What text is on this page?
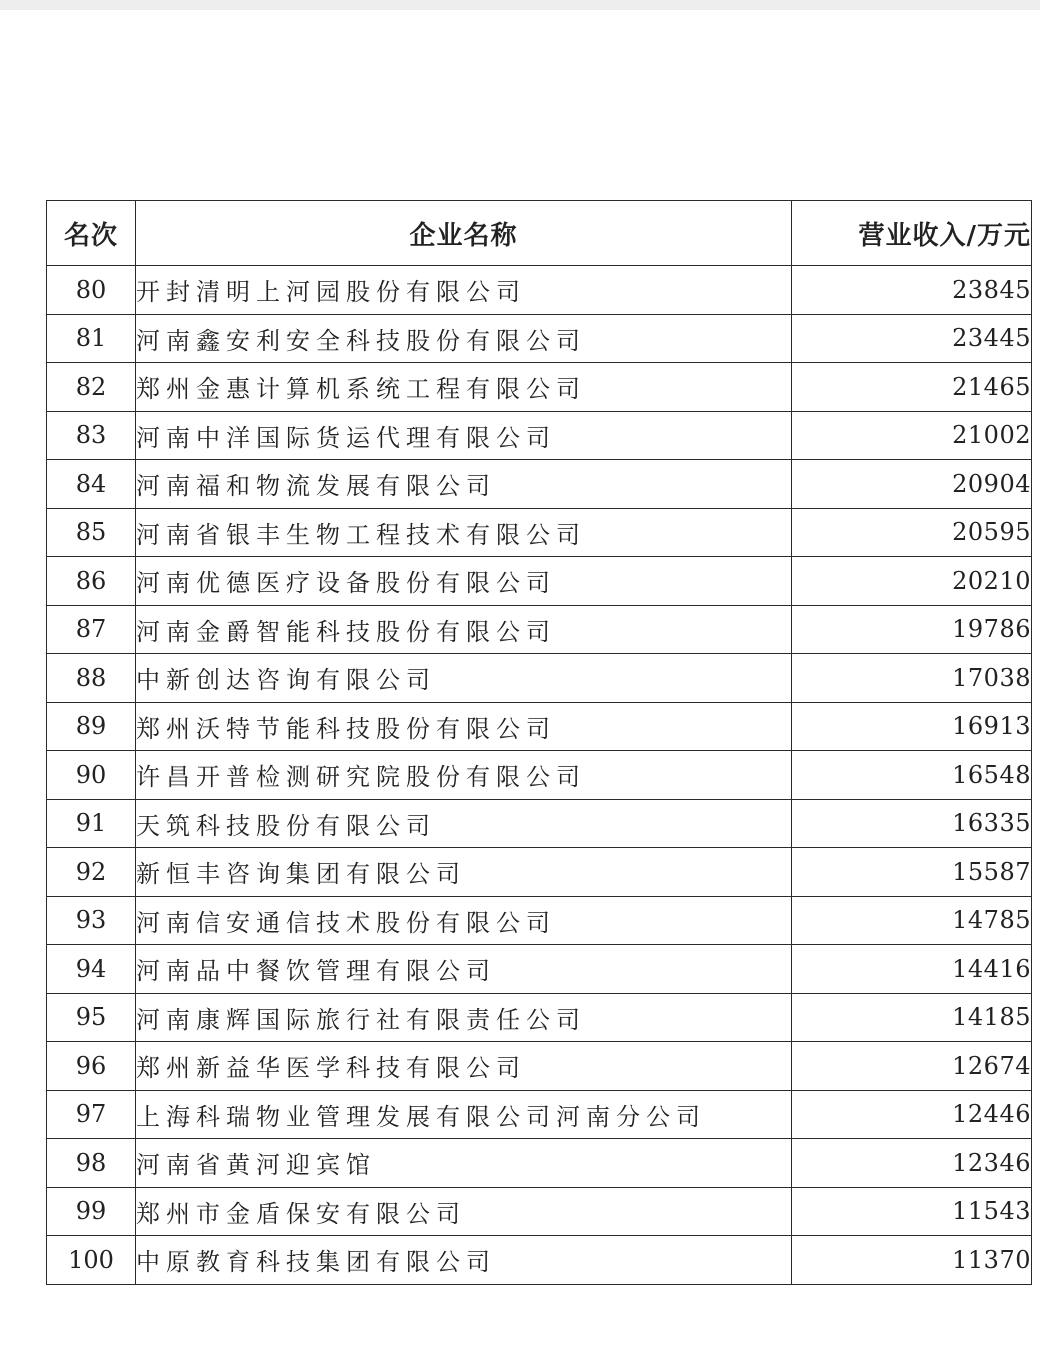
名次	企业名称	营业收入/万元
80	开封清明上河园股份有限公司	23845
81	河南鑫安利安全科技股份有限公司	23445
82	郑州金惠计算机系统工程有限公司	21465
83	河南中洋国际货运代理有限公司	21002
84	河南福和物流发展有限公司	20904
85	河南省银丰生物工程技术有限公司	20595
86	河南优德医疗设备股份有限公司	20210
87	河南金爵智能科技股份有限公司	19786
88	中新创达咨询有限公司	17038
89	郑州沃特节能科技股份有限公司	16913
90	许昌开普检测研究院股份有限公司	16548
91	天筑科技股份有限公司	16335
92	新恒丰咨询集团有限公司	15587
93	河南信安通信技术股份有限公司	14785
94	河南品中餐饮管理有限公司	14416
95	河南康辉国际旅行社有限责任公司	14185
96	郑州新益华医学科技有限公司	12674
97	上海科瑞物业管理发展有限公司河南分公司	12446
98	河南省黄河迎宾馆	12346
99	郑州市金盾保安有限公司	11543
100	中原教育科技集团有限公司	11370
